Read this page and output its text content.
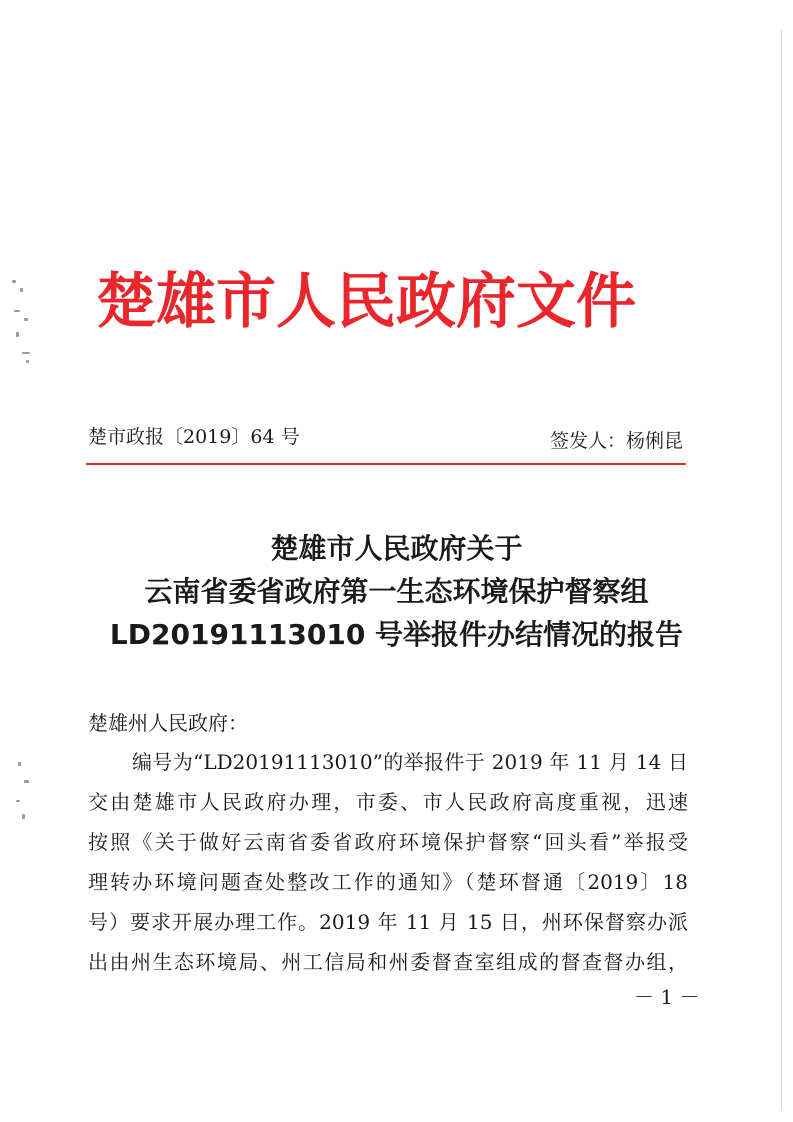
楚雄市人民政府文件
楚市政报〔2019〕64 号	签发人：杨俐昆
楚雄市人民政府关于
云南省委省政府第一生态环境保护督察组
LD20191113010 号举报件办结情况的报告
楚雄州人民政府：
编号为“LD20191113010”的举报件于 2019 年 11 月 14 日
交由楚雄市人民政府办理，市委、市人民政府高度重视，迅速
按照《关于做好云南省委省政府环境保护督察“回头看”举报受
理转办环境问题查处整改工作的通知》（楚环督通〔2019〕18
号）要求开展办理工作。2019 年 11 月 15 日，州环保督察办派
出由州生态环境局、州工信局和州委督查室组成的督查督办组，
－ 1 －
